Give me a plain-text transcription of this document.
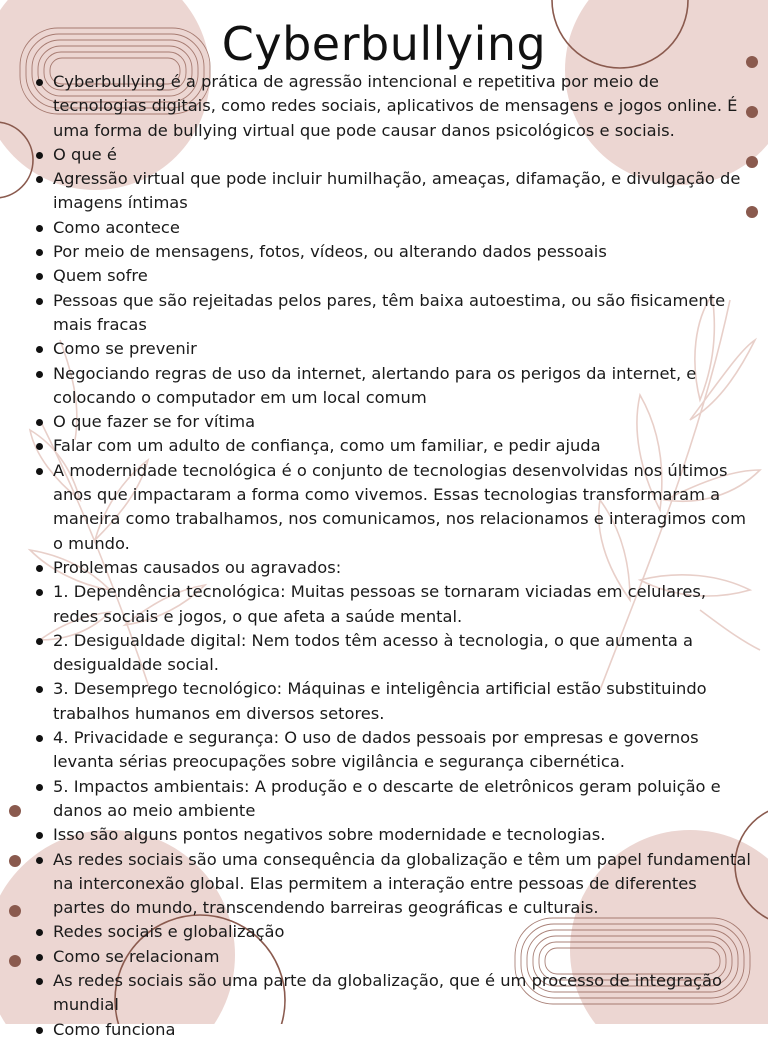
Cyberbullying
Cyberbullying é a prática de agressão intencional e repetitiva por meio de tecnologias digitais, como redes sociais, aplicativos de mensagens e jogos online. É uma forma de bullying virtual que pode causar danos psicológicos e sociais.
O que é
Agressão virtual que pode incluir humilhação, ameaças, difamação, e divulgação de imagens íntimas
Como acontece
Por meio de mensagens, fotos, vídeos, ou alterando dados pessoais
Quem sofre
Pessoas que são rejeitadas pelos pares, têm baixa autoestima, ou são fisicamente mais fracas
Como se prevenir
Negociando regras de uso da internet, alertando para os perigos da internet, e colocando o computador em um local comum
O que fazer se for vítima
Falar com um adulto de confiança, como um familiar, e pedir ajuda
A modernidade tecnológica é o conjunto de tecnologias desenvolvidas nos últimos anos que impactaram a forma como vivemos. Essas tecnologias transformaram a maneira como trabalhamos, nos comunicamos, nos relacionamos e interagimos com o mundo.
Problemas causados ou agravados:
1. Dependência tecnológica: Muitas pessoas se tornaram viciadas em celulares, redes sociais e jogos, o que afeta a saúde mental.
2. Desigualdade digital: Nem todos têm acesso à tecnologia, o que aumenta a desigualdade social.
3. Desemprego tecnológico: Máquinas e inteligência artificial estão substituindo trabalhos humanos em diversos setores.
4. Privacidade e segurança: O uso de dados pessoais por empresas e governos levanta sérias preocupações sobre vigilância e segurança cibernética.
5. Impactos ambientais: A produção e o descarte de eletrônicos geram poluição e danos ao meio ambiente
Isso são alguns pontos negativos sobre modernidade e tecnologias.
As redes sociais são uma consequência da globalização e têm um papel fundamental na interconexão global. Elas permitem a interação entre pessoas de diferentes partes do mundo, transcendendo barreiras geográficas e culturais.
Redes sociais e globalização
Como se relacionam
As redes sociais são uma parte da globalização, que é um processo de integração mundial
Como funciona
